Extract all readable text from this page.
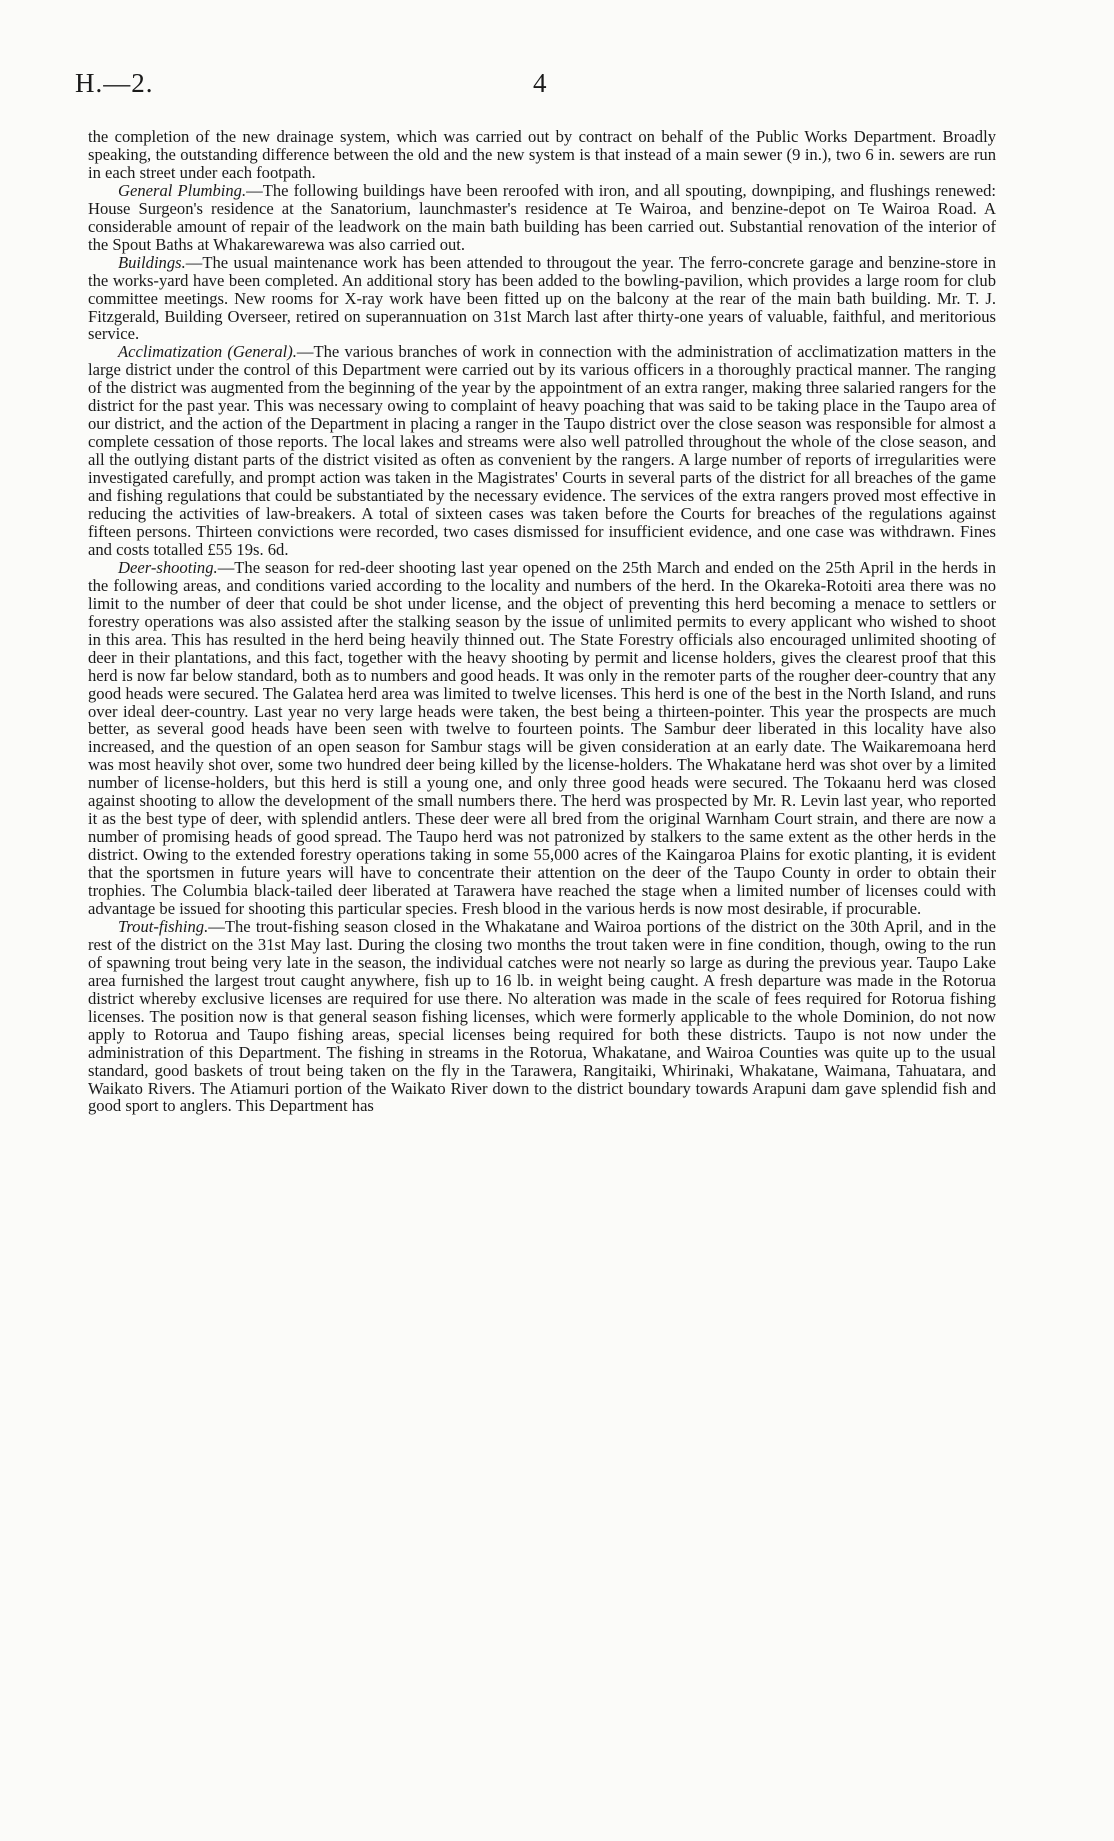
H.—2.	4

the completion of the new drainage system, which was carried out by contract on behalf of the Public Works Department. Broadly speaking, the outstanding difference between the old and the new system is that instead of a main sewer (9 in.), two 6 in. sewers are run in each street under each footpath.

General Plumbing.—The following buildings have been reroofed with iron, and all spouting, downpiping, and flushings renewed: House Surgeon's residence at the Sanatorium, launchmaster's residence at Te Wairoa, and benzine-depot on Te Wairoa Road. A considerable amount of repair of the leadwork on the main bath building has been carried out. Substantial renovation of the interior of the Spout Baths at Whakarewarewa was also carried out.

Buildings.—The usual maintenance work has been attended to througout the year. The ferro-concrete garage and benzine-store in the works-yard have been completed. An additional story has been added to the bowling-pavilion, which provides a large room for club committee meetings. New rooms for X-ray work have been fitted up on the balcony at the rear of the main bath building. Mr. T. J. Fitzgerald, Building Overseer, retired on superannuation on 31st March last after thirty-one years of valuable, faithful, and meritorious service.

Acclimatization (General).—The various branches of work in connection with the administration of acclimatization matters in the large district under the control of this Department were carried out by its various officers in a thoroughly practical manner. The ranging of the district was augmented from the beginning of the year by the appointment of an extra ranger, making three salaried rangers for the district for the past year. This was necessary owing to complaint of heavy poaching that was said to be taking place in the Taupo area of our district, and the action of the Department in placing a ranger in the Taupo district over the close season was responsible for almost a complete cessation of those reports. The local lakes and streams were also well patrolled throughout the whole of the close season, and all the outlying distant parts of the district visited as often as convenient by the rangers. A large number of reports of irregularities were investigated carefully, and prompt action was taken in the Magistrates' Courts in several parts of the district for all breaches of the game and fishing regulations that could be substantiated by the necessary evidence. The services of the extra rangers proved most effective in reducing the activities of law-breakers. A total of sixteen cases was taken before the Courts for breaches of the regulations against fifteen persons. Thirteen convictions were recorded, two cases dismissed for insufficient evidence, and one case was withdrawn. Fines and costs totalled £55 19s. 6d.

Deer-shooting.—The season for red-deer shooting last year opened on the 25th March and ended on the 25th April in the herds in the following areas, and conditions varied according to the locality and numbers of the herd. In the Okareka-Rotoiti area there was no limit to the number of deer that could be shot under license, and the object of preventing this herd becoming a menace to settlers or forestry operations was also assisted after the stalking season by the issue of unlimited permits to every applicant who wished to shoot in this area. This has resulted in the herd being heavily thinned out. The State Forestry officials also encouraged unlimited shooting of deer in their plantations, and this fact, together with the heavy shooting by permit and license holders, gives the clearest proof that this herd is now far below standard, both as to numbers and good heads. It was only in the remoter parts of the rougher deer-country that any good heads were secured. The Galatea herd area was limited to twelve licenses. This herd is one of the best in the North Island, and runs over ideal deer-country. Last year no very large heads were taken, the best being a thirteen-pointer. This year the prospects are much better, as several good heads have been seen with twelve to fourteen points. The Sambur deer liberated in this locality have also increased, and the question of an open season for Sambur stags will be given consideration at an early date. The Waikaremoana herd was most heavily shot over, some two hundred deer being killed by the license-holders. The Whakatane herd was shot over by a limited number of license-holders, but this herd is still a young one, and only three good heads were secured. The Tokaanu herd was closed against shooting to allow the development of the small numbers there. The herd was prospected by Mr. R. Levin last year, who reported it as the best type of deer, with splendid antlers. These deer were all bred from the original Warnham Court strain, and there are now a number of promising heads of good spread. The Taupo herd was not patronized by stalkers to the same extent as the other herds in the district. Owing to the extended forestry operations taking in some 55,000 acres of the Kaingaroa Plains for exotic planting, it is evident that the sportsmen in future years will have to concentrate their attention on the deer of the Taupo County in order to obtain their trophies. The Columbia black-tailed deer liberated at Tarawera have reached the stage when a limited number of licenses could with advantage be issued for shooting this particular species. Fresh blood in the various herds is now most desirable, if procurable.

Trout-fishing.—The trout-fishing season closed in the Whakatane and Wairoa portions of the district on the 30th April, and in the rest of the district on the 31st May last. During the closing two months the trout taken were in fine condition, though, owing to the run of spawning trout being very late in the season, the individual catches were not nearly so large as during the previous year. Taupo Lake area furnished the largest trout caught anywhere, fish up to 16 lb. in weight being caught. A fresh departure was made in the Rotorua district whereby exclusive licenses are required for use there. No alteration was made in the scale of fees required for Rotorua fishing licenses. The position now is that general season fishing licenses, which were formerly applicable to the whole Dominion, do not now apply to Rotorua and Taupo fishing areas, special licenses being required for both these districts. Taupo is not now under the administration of this Department. The fishing in streams in the Rotorua, Whakatane, and Wairoa Counties was quite up to the usual standard, good baskets of trout being taken on the fly in the Tarawera, Rangitaiki, Whirinaki, Whakatane, Waimana, Tahuatara, and Waikato Rivers. The Atiamuri portion of the Waikato River down to the district boundary towards Arapuni dam gave splendid fish and good sport to anglers. This Department has
